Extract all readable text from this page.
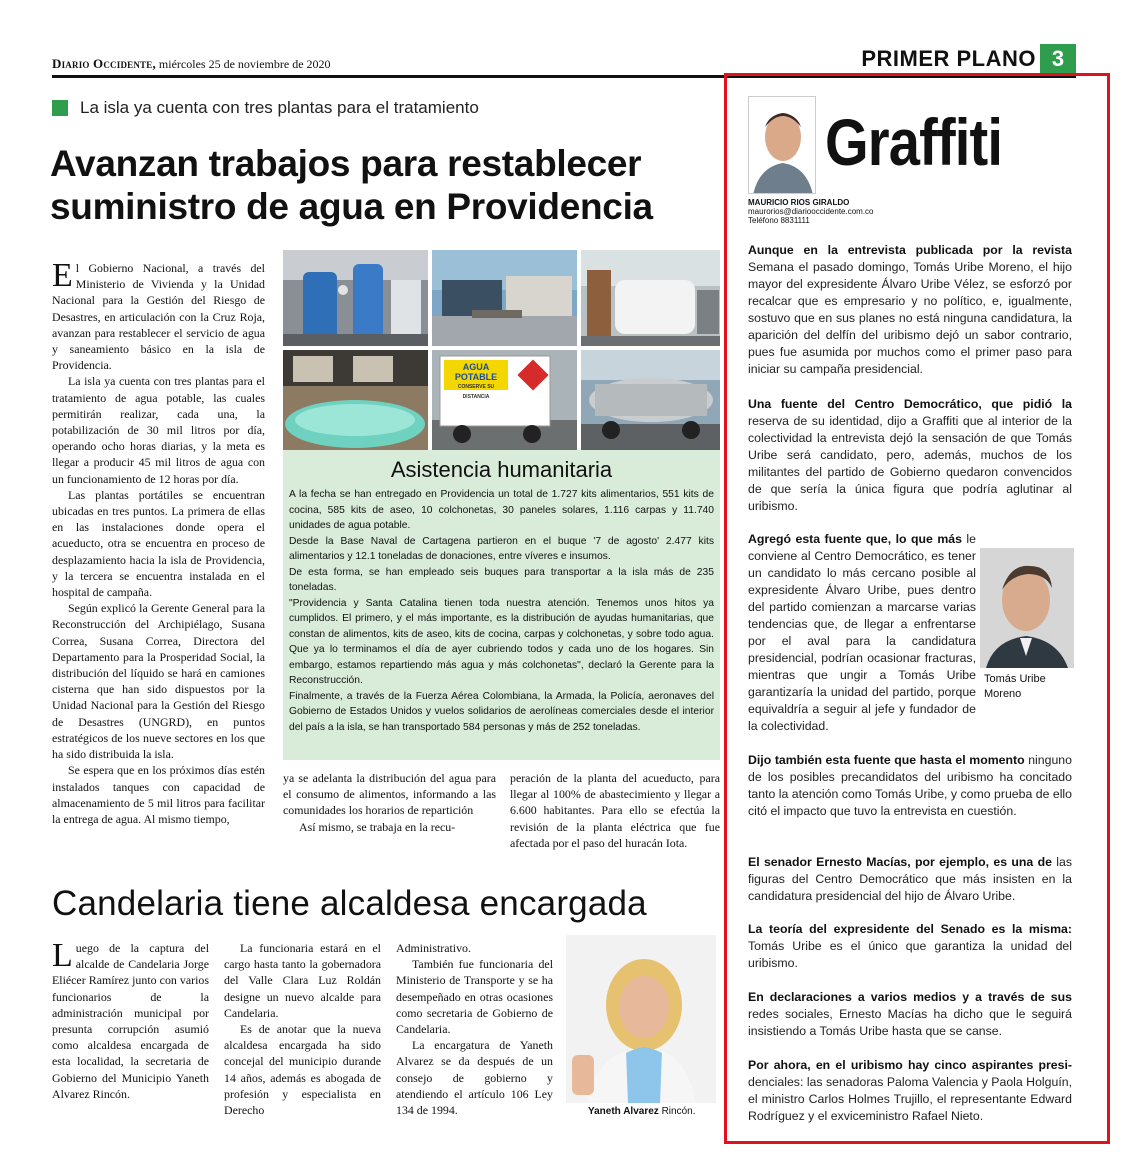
Diario Occidente, miércoles 25 de noviembre de 2020	PRIMER PLANO 3
La isla ya cuenta con tres plantas para el tratamiento
Avanzan trabajos para restablecer
suministro de agua en Providencia

El Gobierno Nacional, a través del Ministerio de Vivienda y la Unidad Nacional para la Gestión del Riesgo de Desastres, en articulación con la Cruz Roja, avanzan para restablecer el servicio de agua y saneamiento básico en la isla de Providencia.

La isla ya cuenta con tres plantas para el tratamiento de agua potable, las cuales permitirán realizar, cada una, la potabilización de 30 mil litros por día, operando ocho horas diarias, y la meta es llegar a producir 45 mil litros de agua con un funcionamiento de 12 horas por día.

Las plantas portátiles se encuentran ubicadas en tres puntos. La primera de ellas en las instalaciones donde opera el acueducto, otra se encuentra en proceso de desplazamiento hacia la isla de Providencia, y la tercera se encuentra instalada en el hospital de campaña.

Según explicó la Gerente General para la Reconstrucción del Archipiélago, Susana Correa, Susana Correa, Directora del Departamento para la Prosperidad Social, la distribución del líquido se hará en camiones cisterna que han sido dispuestos por la Unidad Nacional para la Gestión del Riesgo de Desastres (UNGRD), en puntos estratégicos de los nueve sectores en los que ha sido distribuida la isla.

Se espera que en los próximos días estén instalados tanques con capacidad de almacenamiento de 5 mil litros para facilitar la entrega de agua. Al mismo tiempo,

AGUA POTABLE
CONSERVE SU DISTANCIA
Asistencia humanitaria

A la fecha se han entregado en Providencia un total de 1.727 kits alimentarios, 551 kits de cocina, 585 kits de aseo, 10 colchonetas, 30 paneles solares, 1.116 carpas y 11.740 unidades de agua potable.

Desde la Base Naval de Cartagena partieron en el buque '7 de agosto' 2.477 kits alimentarios y 12.1 toneladas de donaciones, entre víveres e insumos.

De esta forma, se han empleado seis buques para transportar a la isla más de 235 toneladas.

"Providencia y Santa Catalina tienen toda nuestra atención. Tenemos unos hitos ya cumplidos. El primero, y el más importante, es la distribución de ayudas humanitarias, que constan de alimentos, kits de aseo, kits de cocina, carpas y colchonetas, y sobre todo agua. Que ya lo terminamos el día de ayer cubriendo todos y cada uno de los hogares. Sin embargo, estamos repartiendo más agua y más colchonetas", declaró la Gerente para la Reconstrucción.

Finalmente, a través de la Fuerza Aérea Colombiana, la Armada, la Policía, aeronaves del Gobierno de Estados Unidos y vuelos solidarios de aerolíneas comerciales desde el interior del país a la isla, se han transportado 584 personas y más de 252 toneladas.

ya se adelanta la distribución del agua para el consumo de alimentos, informando a las comunidades los horarios de repartición

Así mismo, se trabaja en la recu-

peración de la planta del acueducto, para llegar al 100% de abastecimiento y llegar a 6.600 habitantes. Para ello se efectúa la revisión de la planta eléctrica que fue afectada por el paso del huracán Iota.

Candelaria tiene alcaldesa encargada

Luego de la captura del alcalde de Candelaria Jorge Eliécer Ramírez junto con varios funcionarios de la administración municipal por presunta corrupción asumió como alcaldesa encargada de esta localidad, la secretaria de Gobierno del Municipio Yaneth Alvarez Rincón.

La funcionaria estará en el cargo hasta tanto la gobernadora del Valle Clara Luz Roldán designe un nuevo alcalde para Candelaria.

Es de anotar que la nueva alcaldesa encargada ha sido concejal del municipio durande 14 años, además es abogada de profesión y especialista en Derecho

Administrativo.

También fue funcionaria del Ministerio de Transporte y se ha desempeñado en otras ocasiones como secretaria de Gobierno de Candelaria.

La encargatura de Yaneth Alvarez se da después de un consejo de gobierno y atendiendo el artículo 106 Ley 134 de 1994.	Yaneth Alvarez Rincón.
Graffiti
MAURICIO RIOS GIRALDO
maurorios@diariooccidente.com.co
Teléfono 8831111
Aunque en la entrevista publicada por la revista Semana el pasado domingo, Tomás Uribe Moreno, el hijo mayor del expresidente Álvaro Uribe Vélez, se esforzó por recalcar que es empresario y no político, e, igualmente, sostuvo que en sus planes no está ninguna candidatura, la aparición del delfín del uribismo dejó un sabor contrario, pues fue asumida por muchos como el primer paso para iniciar su campaña presidencial.
Una fuente del Centro Democrático, que pidió la reserva de su identidad, dijo a Graffiti que al interior de la colectividad la entrevista dejó la sensación de que Tomás Uribe será candidato, pero, además, muchos de los militantes del partido de Gobierno quedaron convencidos de que sería la única figura que podría aglutinar al uribismo.
Agregó esta fuente que, lo que más le conviene al Centro Democrático, es tener un candidato lo más cercano posible al expresidente Álvaro Uribe, pues dentro del partido comienzan a marcarse varias tendencias que, de llegar a enfrentarse por el aval para la candidatura presidencial, podrían ocasionar fracturas, mientras que ungir a Tomás Uribe garantizaría la unidad del partido, porque equivaldría a seguir al jefe y fundador de la colectividad.
Tomás Uribe
Moreno
Dijo también esta fuente que hasta el momento ninguno de los posibles precandidatos del uribismo ha concitado tanto la atención como Tomás Uribe, y como prueba de ello citó el impacto que tuvo la entrevista en cuestión.
El senador Ernesto Macías, por ejemplo, es una de las figuras del Centro Democrático que más insisten en la candidatura presidencial del hijo de Álvaro Uribe.
La teoría del expresidente del Senado es la misma: Tomás Uribe es el único que garantiza la unidad del uribismo.
En declaraciones a varios medios y a través de sus redes sociales, Ernesto Macías ha dicho que le seguirá insistiendo a Tomás Uribe hasta que se canse.
Por ahora, en el uribismo hay cinco aspirantes presi- denciales: las senadoras Paloma Valencia y Paola Holguín, el ministro Carlos Holmes Trujillo, el representante Edward Rodríguez y el exviceministro Rafael Nieto.
